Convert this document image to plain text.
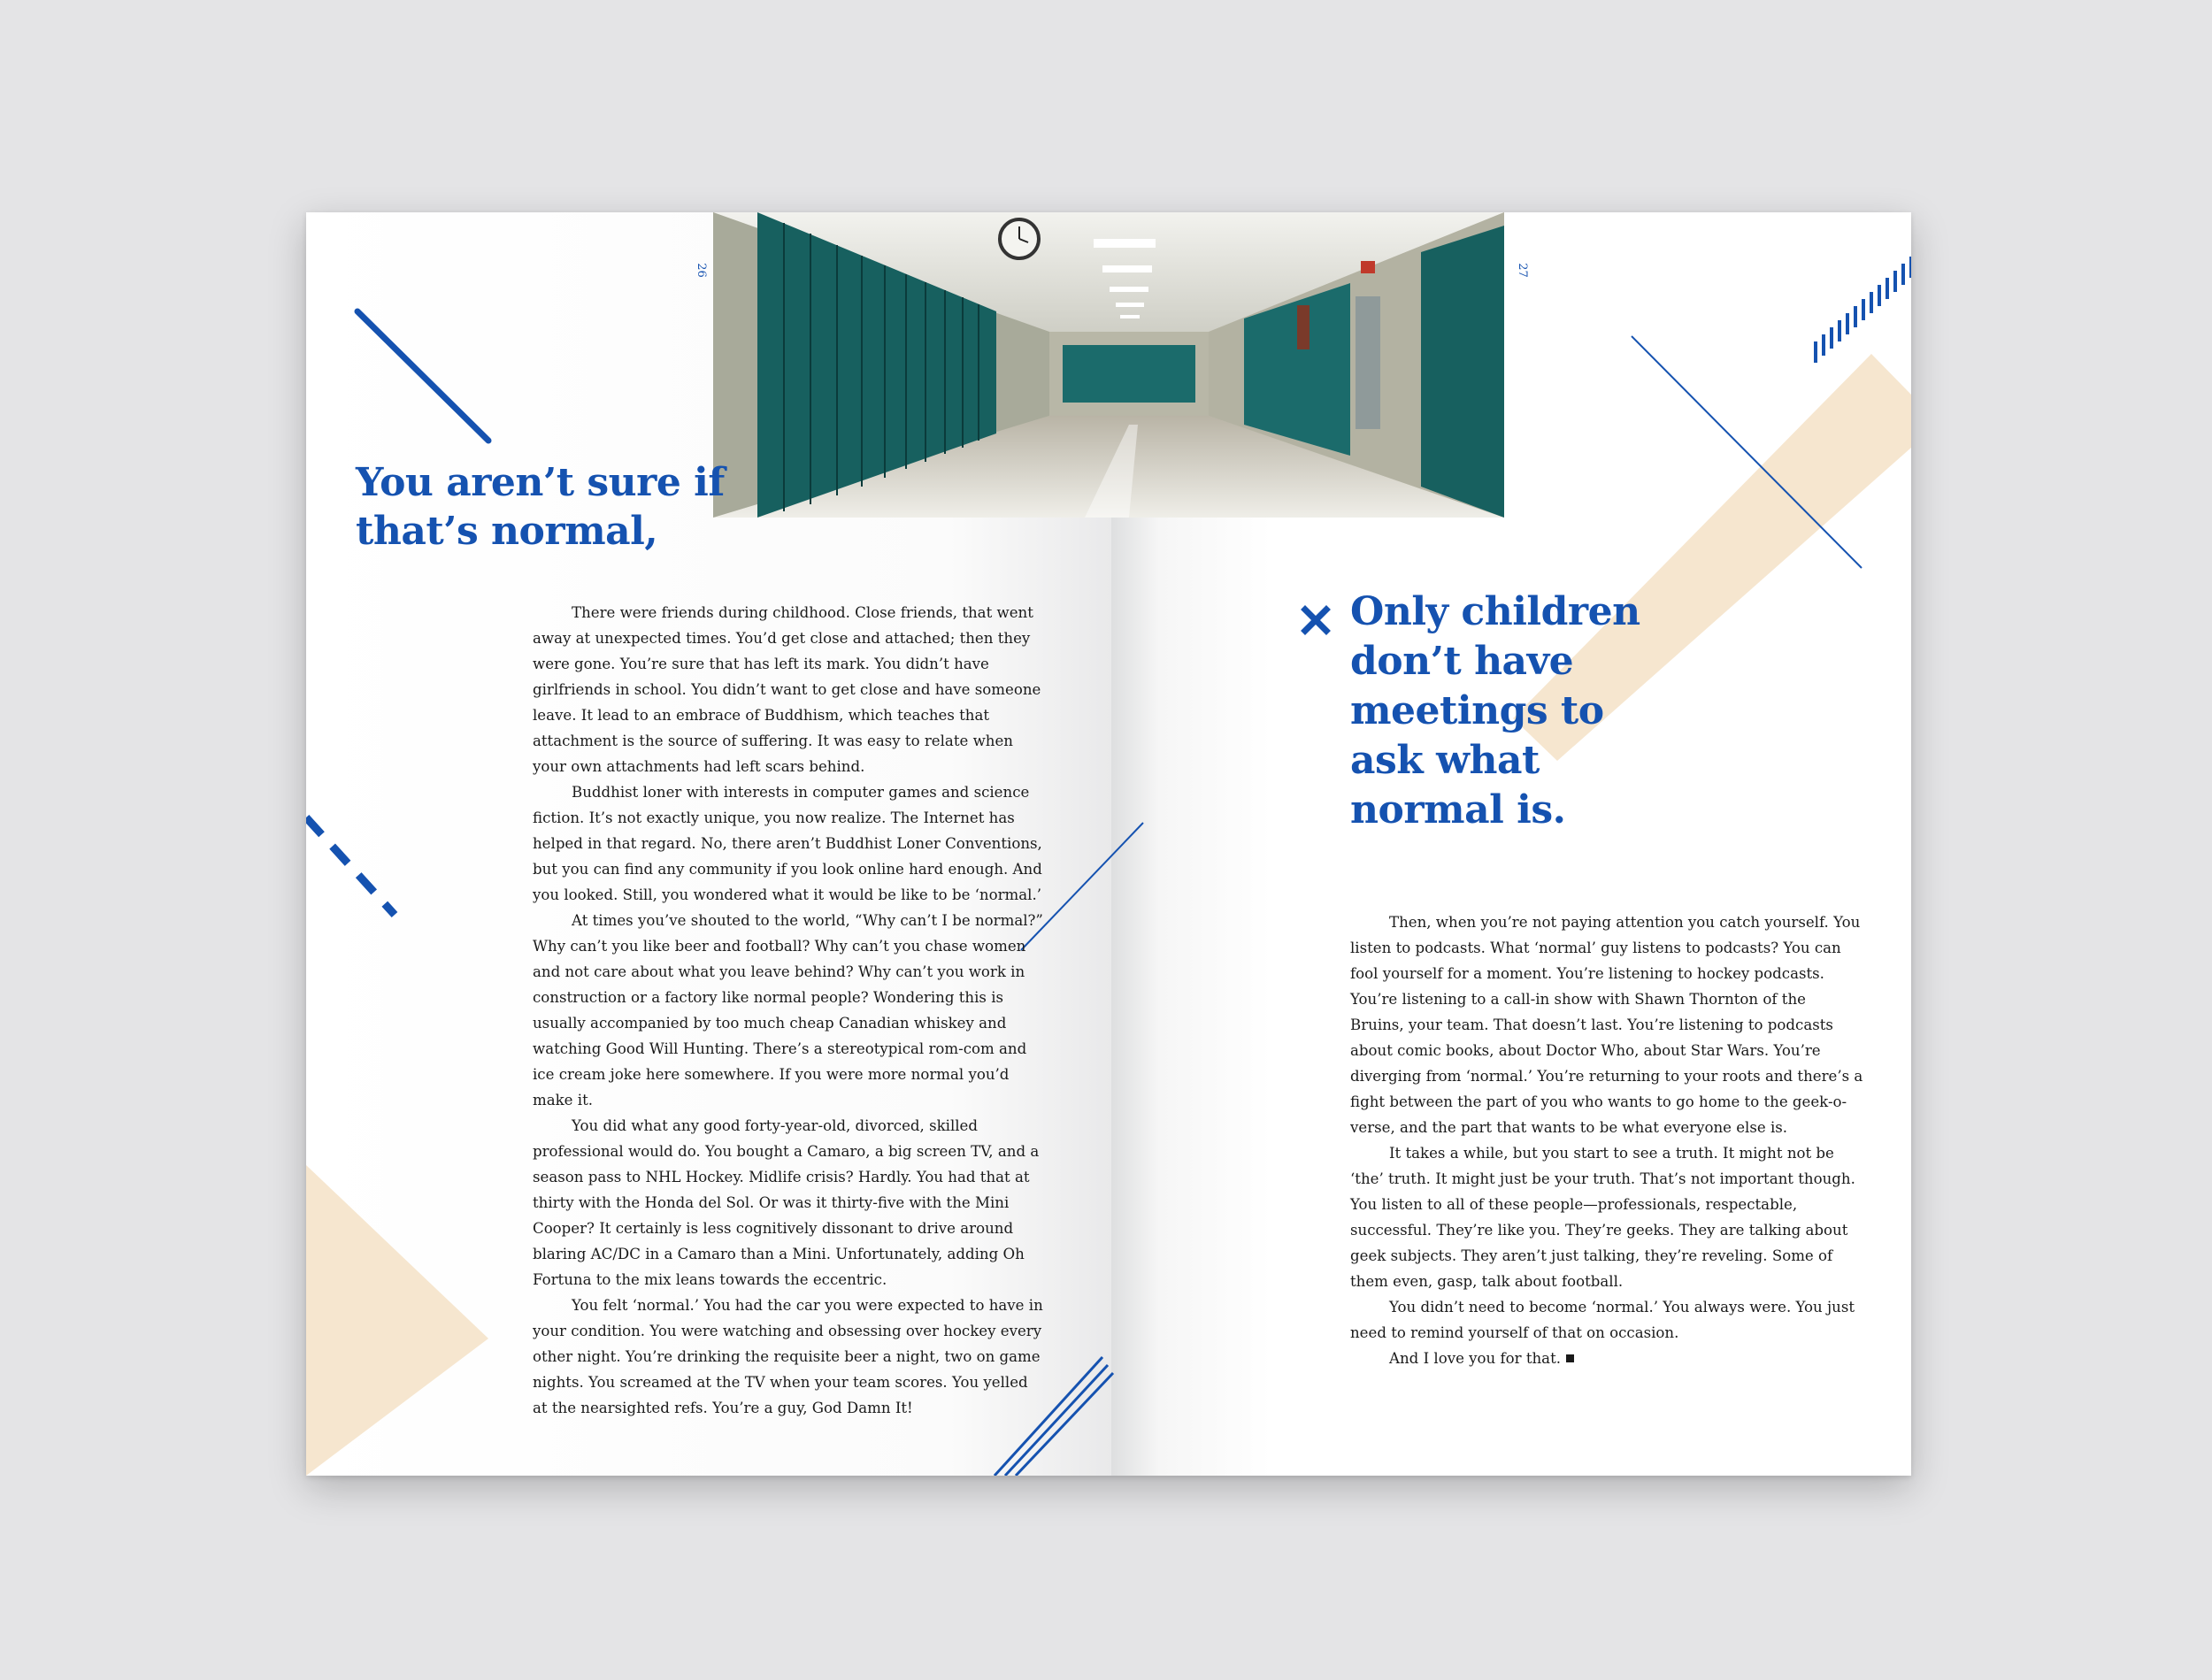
26	27
You aren’t sure if that’s normal,

There were friends during childhood. Close friends, that went away at unexpected times. You’d get close and attached; then they were gone. You’re sure that has left its mark. You didn’t have girlfriends in school. You didn’t want to get close and have someone leave. It lead to an embrace of Buddhism, which teaches that attachment is the source of suffering. It was easy to relate when your own attachments had left scars behind.

Buddhist loner with interests in computer games and science fiction. It’s not exactly unique, you now realize. The Internet has helped in that regard. No, there aren’t Buddhist Loner Conventions, but you can find any community if you look online hard enough. And you looked. Still, you wondered what it would be like to be ‘normal.’

At times you’ve shouted to the world, “Why can’t I be normal?” Why can’t you like beer and football? Why can’t you chase women and not care about what you leave behind? Why can’t you work in construction or a factory like normal people? Wondering this is usually accompanied by too much cheap Canadian whiskey and watching Good Will Hunting. There’s a stereotypical rom-com and ice cream joke here somewhere. If you were more normal you’d make it.

You did what any good forty-year-old, divorced, skilled professional would do. You bought a Camaro, a big screen TV, and a season pass to NHL Hockey. Midlife crisis? Hardly. You had that at thirty with the Honda del Sol. Or was it thirty-five with the Mini Cooper? It certainly is less cognitively dissonant to drive around blaring AC/DC in a Camaro than a Mini. Unfortunately, adding Oh Fortuna to the mix leans towards the eccentric.

You felt ‘normal.’ You had the car you were expected to have in your condition. You were watching and obsessing over hockey every other night. You’re drinking the requisite beer a night, two on game nights. You screamed at the TV when your team scores. You yelled at the nearsighted refs. You’re a guy, God Damn It!

Only children don’t have meetings to ask what normal is.

Then, when you’re not paying attention you catch yourself. You listen to podcasts. What ‘normal’ guy listens to podcasts? You can fool yourself for a moment. You’re listening to hockey podcasts. You’re listening to a call-in show with Shawn Thornton of the Bruins, your team. That doesn’t last. You’re listening to podcasts about comic books, about Doctor Who, about Star Wars. You’re diverging from ‘normal.’ You’re returning to your roots and there’s a fight between the part of you who wants to go home to the geek-o-verse, and the part that wants to be what everyone else is.

It takes a while, but you start to see a truth. It might not be ‘the’ truth. It might just be your truth. That’s not important though. You listen to all of these people—professionals, respectable, successful. They’re like you. They’re geeks. They are talking about geek subjects. They aren’t just talking, they’re reveling. Some of them even, gasp, talk about football.

You didn’t need to become ‘normal.’ You always were. You just need to remind yourself of that on occasion.

And I love you for that.
